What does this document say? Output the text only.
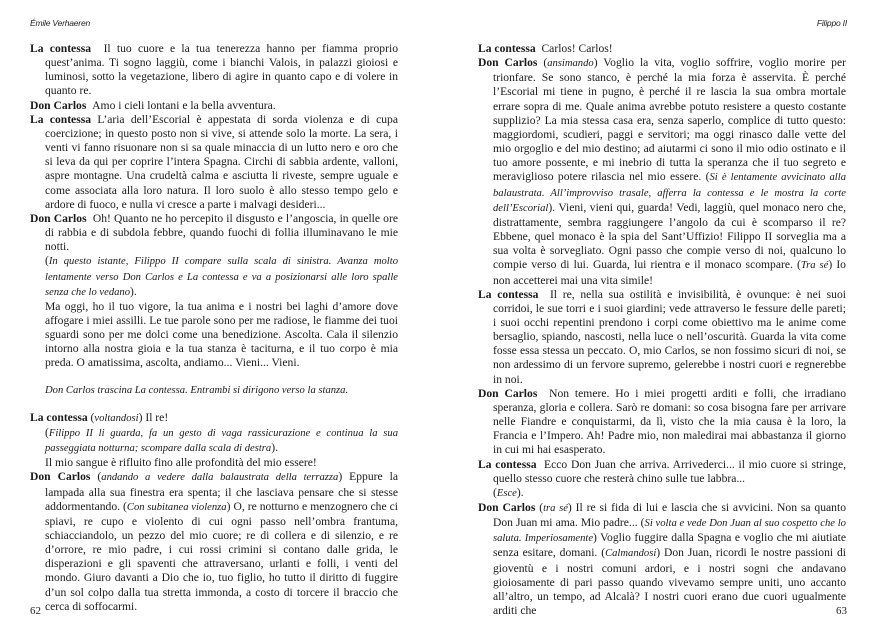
Émile Verhaeren

La contessa Il tuo cuore e la tua tenerezza hanno per fiamma proprio quest’anima. Ti sogno laggiù, come i bianchi Valois, in palazzi gioiosi e luminosi, sotto la vegetazione, libero di agire in quanto capo e di volere in quanto re.

Don Carlos Amo i cieli lontani e la bella avventura.

La contessa L’aria dell’Escorial è appestata di sorda violenza e di cupa coercizione; in questo posto non si vive, si attende solo la morte. La sera, i venti vi fanno risuonare non si sa quale minaccia di un lutto nero e oro che si leva da qui per coprire l’intera Spagna. Circhi di sabbia ardente, valloni, aspre montagne. Una crudeltà calma e asciutta li riveste, sempre uguale e come associata alla loro natura. Il loro suolo è allo stesso tempo gelo e ardore di fuoco, e nulla vi cresce a parte i malvagi desideri...

Don Carlos Oh! Quanto ne ho percepito il disgusto e l’angoscia, in quelle ore di rabbia e di subdola febbre, quando fuochi di follia illuminavano le mie notti.
(In questo istante, Filippo II compare sulla scala di sinistra. Avanza molto lentamente verso Don Carlos e La contessa e va a posizionarsi alle loro spalle senza che lo vedano).
Ma oggi, ho il tuo vigore, la tua anima e i nostri bei laghi d’amore dove affogare i miei assilli. Le tue parole sono per me radiose, le fiamme dei tuoi sguardi sono per me dolci come una benedizione. Ascolta. Cala il silenzio intorno alla nostra gioia e la tua stanza è taciturna, e il tuo corpo è mia preda. O amatissima, ascolta, andiamo... Vieni... Vieni.

Don Carlos trascina La contessa. Entrambi si dirigono verso la stanza.

La contessa (voltandosi) Il re!
(Filippo II li guarda, fa un gesto di vaga rassicurazione e continua la sua passeggiata notturna; scompare dalla scala di destra).
Il mio sangue è rifluito fino alle profondità del mio essere!

Don Carlos (andando a vedere dalla balaustrata della terrazza) Eppure la lampada alla sua finestra era spenta; il che lasciava pensare che si stesse addormentando. (Con subitanea violenza) O, re notturno e menzognero che ci spiavi, re cupo e violento di cui ogni passo nell’ombra frantuma, schiacciandolo, un pezzo del mio cuore; re di collera e di silenzio, e re d’orrore, re mio padre, i cui rossi crimini si contano dalle grida, le disperazioni e gli spaventi che attraversano, urlanti e folli, i venti del mondo. Giuro davanti a Dio che io, tuo figlio, ho tutto il diritto di fuggire d’un sol colpo dalla tua stretta immonda, a costo di torcere il braccio che cerca di soffocarmi.

62
Filippo II

La contessa Carlos! Carlos!

Don Carlos (ansimando) Voglio la vita, voglio soffrire, voglio morire per trionfare. Se sono stanco, è perché la mia forza è asservita. È perché l’Escorial mi tiene in pugno, è perché il re lascia la sua ombra mortale errare sopra di me. Quale anima avrebbe potuto resistere a questo costante supplizio? La mia stessa casa era, senza saperlo, complice di tutto questo: maggiordomi, scudieri, paggi e servitori; ma oggi rinasco dalle vette del mio orgoglio e del mio destino; ad aiutarmi ci sono il mio odio ostinato e il tuo amore possente, e mi inebrio di tutta la speranza che il tuo segreto e meraviglioso potere rilascia nel mio essere. (Si è lentamente avvicinato alla balaustrata. All’improvviso trasale, afferra la contessa e le mostra la corte dell’Escorial). Vieni, vieni qui, guarda! Vedi, laggiù, quel monaco nero che, distrattamente, sembra raggiungere l’angolo da cui è scomparso il re? Ebbene, quel monaco è la spia del Sant’Uffizio! Filippo II sorveglia ma a sua volta è sorvegliato. Ogni passo che compie verso di noi, qualcuno lo compie verso di lui. Guarda, lui rientra e il monaco scompare. (Tra sé) Io non accetterei mai una vita simile!

La contessa Il re, nella sua ostilità e invisibilità, è ovunque: è nei suoi corridoi, le sue torri e i suoi giardini; vede attraverso le fessure delle pareti; i suoi occhi repentini prendono i corpi come obiettivo ma le anime come bersaglio, spiando, nascosti, nella luce o nell’oscurità. Guarda la vita come fosse essa stessa un peccato. O, mio Carlos, se non fossimo sicuri di noi, se non ardessimo di un fervore supremo, gelerebbe i nostri cuori e regnerebbe in noi.

Don Carlos Non temere. Ho i miei progetti arditi e folli, che irradiano speranza, gloria e collera. Sarò re domani: so cosa bisogna fare per arrivare nelle Fiandre e conquistarmi, da lì, visto che la mia causa è la loro, la Francia e l’Impero. Ah! Padre mio, non maledirai mai abbastanza il giorno in cui mi hai esasperato.

La contessa Ecco Don Juan che arriva. Arrivederci... il mio cuore si stringe, quello stesso cuore che resterà chino sulle tue labbra...
(Esce).

Don Carlos (tra sé) Il re si fida di lui e lascia che si avvicini. Non sa quanto Don Juan mi ama. Mio padre... (Si volta e vede Don Juan al suo cospetto che lo saluta. Imperiosamente) Voglio fuggire dalla Spagna e voglio che mi aiutiate senza esitare, domani. (Calmandosi) Don Juan, ricordi le nostre passioni di gioventù e i nostri comuni ardori, e i nostri sogni che andavano gioiosamente di pari passo quando vivevamo sempre uniti, uno accanto all’altro, un tempo, ad Alcalà? I nostri cuori erano due cuori ugualmente arditi che	63
